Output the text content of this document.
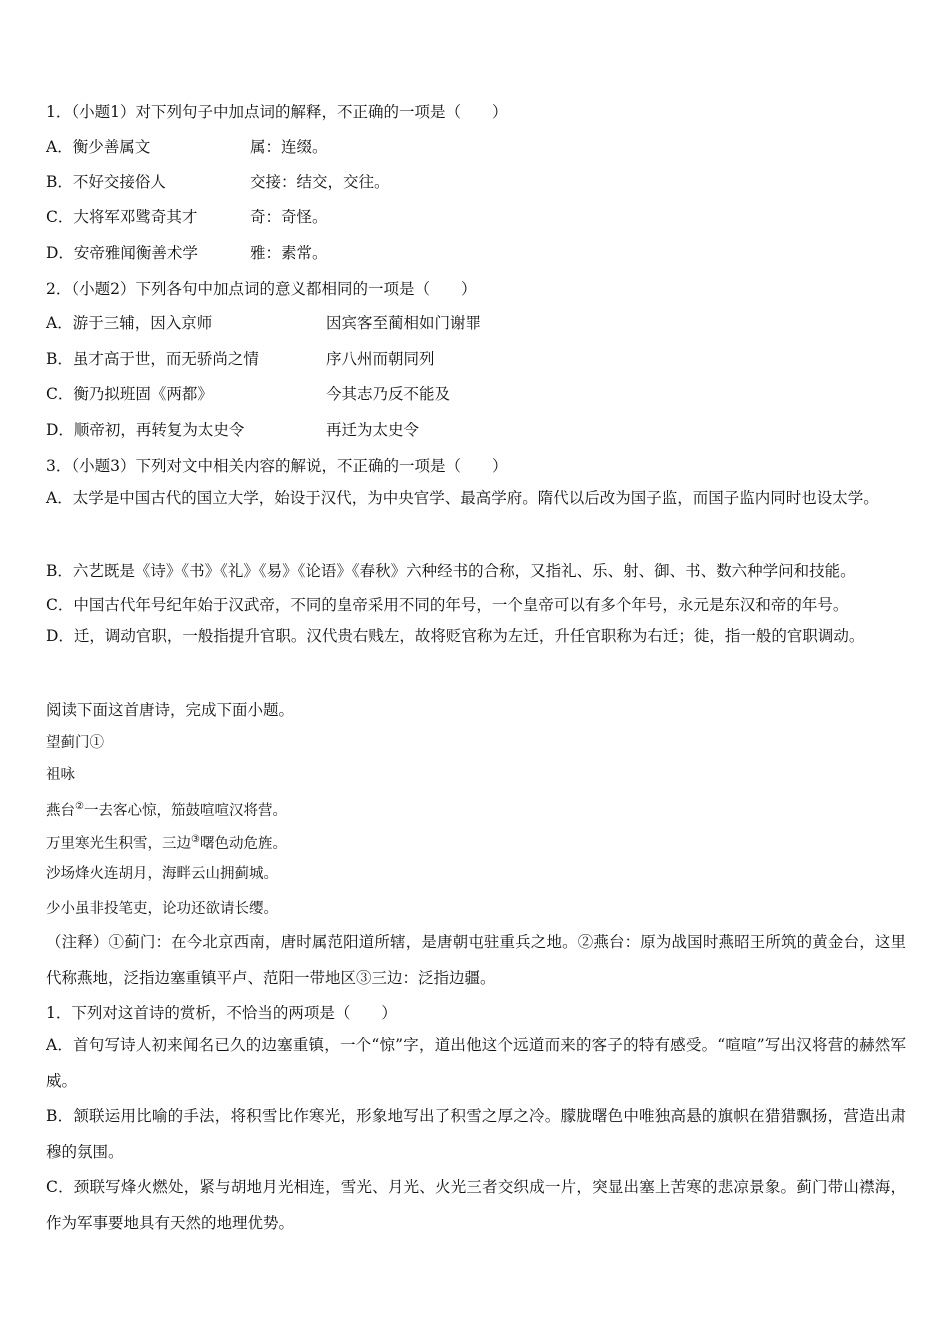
1．（小题1）对下列句子中加点词的解释，不正确的一项是（　　）
A．衡少善属文	属：连缀。
B．不好交接俗人	交接：结交，交往。
C．大将军邓骘奇其才	奇：奇怪。
D．安帝雅闻衡善术学	雅：素常。
2．（小题2）下列各句中加点词的意义都相同的一项是（　　）
A．游于三辅，因入京师	因宾客至蔺相如门谢罪
B．虽才高于世，而无骄尚之情	序八州而朝同列
C．衡乃拟班固《两都》	今其志乃反不能及
D．顺帝初，再转复为太史令	再迁为太史令
3．（小题3）下列对文中相关内容的解说，不正确的一项是（　　）
A．太学是中国古代的国立大学，始设于汉代，为中央官学、最高学府。隋代以后改为国子监，而国子监内同时也设太学。
B．六艺既是《诗》《书》《礼》《易》《论语》《春秋》六种经书的合称，又指礼、乐、射、御、书、数六种学问和技能。
C．中国古代年号纪年始于汉武帝，不同的皇帝采用不同的年号，一个皇帝可以有多个年号，永元是东汉和帝的年号。
D．迁，调动官职，一般指提升官职。汉代贵右贱左，故将贬官称为左迁，升任官职称为右迁；徙，指一般的官职调动。
阅读下面这首唐诗，完成下面小题。
望蓟门①
祖咏
燕台②一去客心惊，笳鼓喧喧汉将营。
万里寒光生积雪，三边③曙色动危旌。
沙场烽火连胡月，海畔云山拥蓟城。
少小虽非投笔吏，论功还欲请长缨。
（注释）①蓟门：在今北京西南，唐时属范阳道所辖，是唐朝屯驻重兵之地。②燕台：原为战国时燕昭王所筑的黄金台，这里代称燕地，泛指边塞重镇平卢、范阳一带地区③三边：泛指边疆。
1．下列对这首诗的赏析，不恰当的两项是（　　）
A．首句写诗人初来闻名已久的边塞重镇，一个“惊”字，道出他这个远道而来的客子的特有感受。“喧喧”写出汉将营的赫然军威。
B．颔联运用比喻的手法，将积雪比作寒光，形象地写出了积雪之厚之冷。朦胧曙色中唯独高悬的旗帜在猎猎飘扬，营造出肃穆的氛围。
C．颈联写烽火燃处，紧与胡地月光相连，雪光、月光、火光三者交织成一片，突显出塞上苦寒的悲凉景象。蓟门带山襟海，作为军事要地具有天然的地理优势。
